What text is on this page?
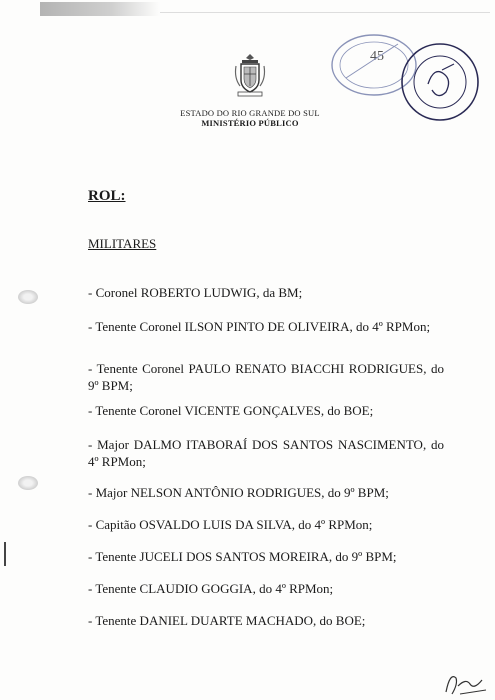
ESTADO DO RIO GRANDE DO SUL
MINISTÉRIO PÚBLICO
45
ROL:
MILITARES
- Coronel ROBERTO LUDWIG, da BM;
- Tenente Coronel ILSON PINTO DE OLIVEIRA, do 4º RPMon;
- Tenente Coronel PAULO RENATO BIACCHI RODRIGUES, do 9º BPM;
- Tenente Coronel VICENTE GONÇALVES, do BOE;
- Major DALMO ITABORAÍ DOS SANTOS NASCIMENTO, do 4º RPMon;
- Major NELSON ANTÔNIO RODRIGUES, do 9º BPM;
- Capitão OSVALDO LUIS DA SILVA, do 4º RPMon;
- Tenente JUCELI DOS SANTOS MOREIRA, do 9º BPM;
- Tenente CLAUDIO GOGGIA, do 4º RPMon;
- Tenente DANIEL DUARTE MACHADO, do BOE;
